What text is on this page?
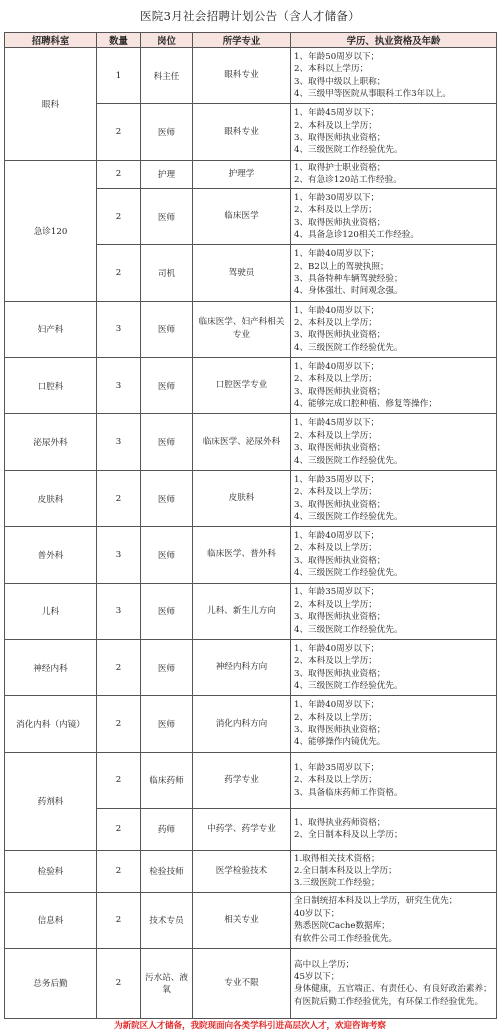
医院3月社会招聘计划公告（含人才储备）
招聘科室	数量	岗位	所学专业	学历、执业资格及年龄
眼科	1	科主任	眼科专业	1、年龄50周岁以下；
2、本科以上学历；
3、取得中级以上职称；
4、三级甲等医院从事眼科工作3年以上。

	2	医师	眼科专业	1、年龄45周岁以下；
2、本科及以上学历；
3、取得医师执业资格；
4、三级医院工作经验优先。

急诊120	2	护理	护理学	1、取得护士职业资格；
2、有急诊120站工作经验。

	2	医师	临床医学	1、年龄30周岁以下；
2、本科及以上学历；
3、取得医师执业资格；
4、具备急诊120相关工作经验。

	2	司机	驾驶员	1、年龄40周岁以下；
2、B2以上的驾驶执照；
3、具备特种车辆驾驶经验；
4、身体强壮、时间观念强。

妇产科	3	医师	临床医学、妇产科相关专业	1、年龄40周岁以下；
2、本科及以上学历；
3、取得医师执业资格；
4、三级医院工作经验优先。

口腔科	3	医师	口腔医学专业	1、年龄40周岁以下；
2、本科及以上学历；
3、取得医师执业资格；
4、能够完成口腔种植、修复等操作；

泌尿外科	3	医师	临床医学、泌尿外科	1、年龄45周岁以下；
2、本科及以上学历；
3、取得医师执业资格；
4、三级医院工作经验优先。

皮肤科	2	医师	皮肤科	1、年龄35周岁以下；
2、本科及以上学历；
3、取得医师执业资格；
4、三级医院工作经验优先。

普外科	3	医师	临床医学、普外科	1、年龄40周岁以下；
2、本科及以上学历；
3、取得医师执业资格；
4、三级医院工作经验优先。

儿科	3	医师	儿科、新生儿方向	1、年龄35周岁以下；
2、本科及以上学历；
3、取得医师执业资格；
4、三级医院工作经验优先。

神经内科	2	医师	神经内科方向	1、年龄40周岁以下；
2、本科及以上学历；
3、取得医师执业资格；
4、三级医院工作经验优先。

消化内科（内镜）	2	医师	消化内科方向	1、年龄40周岁以下；
2、本科及以上学历；
3、取得医师执业资格；
4、能够操作内镜优先。

药剂科	2	临床药师	药学专业	1、年龄35周岁以下；
2、本科及以上学历；
3、具备临床药师工作资格。

	2	药师	中药学、药学专业	1、取得执业药师资格；
2、全日制本科及以上学历；

检验科	2	检验技师	医学检验技术	1.取得相关技术资格；
2.全日制本科及以上学历；
3.三级医院工作经验；

信息科	2	技术专员	相关专业	全日制统招本科及以上学历，研究生优先；
40岁以下；
熟悉医院Cache数据库；
有软件公司工作经验优先。

总务后勤	2	污水站、液氧	专业不限	高中以上学历；
45岁以下；
身体健康，五官端正、有责任心、有良好政治素养；
有医院后勤工作经验优先，有环保工作经验优先。
为新院区人才储备，我院现面向各类学科引进高层次人才，欢迎咨询考察
